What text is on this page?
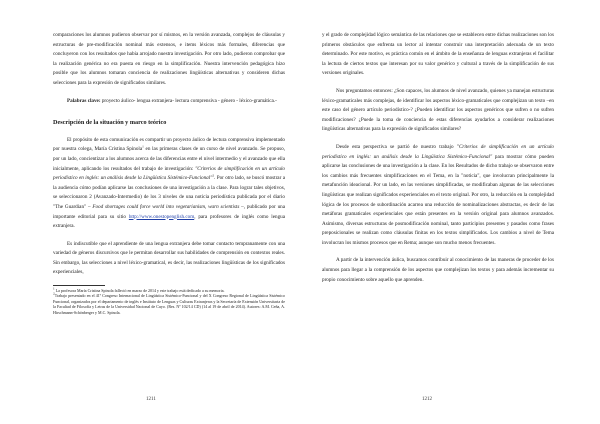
comparaciones los alumnos pudieron observar por sí mismos, en la versión avanzada, complejos de cláusulas y estructuras de pre-modificación nominal más extensos, e items léxicos más formales, diferencias que concluyeron con los resultados que había arrojado nuestra investigación. Por otro lado, pudieron comprobar que la realización genérica no era puesta en riesgo en la simplificación. Nuestra intervención pedagógica hizo posible que los alumnos tomaran conciencia de realizaciones lingüísticas alternativas y consideren dichas selecciones para la expresión de significados similares.

Palabras clave: proyecto áulico- lengua extranjera- lectura comprensiva - género - léxico-gramática.-

Descripción de la situación y marco teórico

El propósito de esta comunicación es compartir un proyecto áulico de lectura comprensiva implementado por nuestra colega, María Cristina Spinola$^1$ en las primeras clases de un curso de nivel avanzado. Se propuso, por un lado, concientizar a los alumnos acerca de las diferencias entre el nivel intermedio y el avanzado que ella inicialmente, aplicando los resultados del trabajo de investigación: "Criterios de simplificación en un artículo periodístico en inglés: un análisis desde la Lingüística Sistémico-Funcional"$^2$. Por otro lado, se buscó mostrar a la audiencia cómo podían aplicarse las conclusiones de una investigación a la clase. Para lograr tales objetivos, se seleccionaron 2 (Avanzado-Intermedio) de los 3 niveles de una noticia periodística publicada por el diario "The Guardian" – Food shortages could force world into vegetarianism, warn scientists –, publicado por una importante editorial para su sitio http://www.onestopenglish.com, para profesores de inglés como lengua extranjera.

Es indiscutible que el aprendiente de una lengua extranjera debe tomar contacto tempranamente con una variedad de géneros discursivos que le permitan desarrollar sus habilidades de comprensión en contextos reales. Sin embargo, las selecciones a nivel léxico-gramatical, es decir, las realizaciones lingüísticas de los significados experienciales,

$^1$ La profesora María Cristina Spinola falleció en marzo de 2014 y este trabajo está dedicado a su memoria.

$^2$Trabajo presentado en el 41º Congreso Internacional de Lingüística Sistémico-Funcional y del X Congreso Regional de Lingüística Sistémico Funcional, organizados por el departamento de inglés e Instituto de Lenguas y Culturas Extranjeras y la Secretaría de Extensión Universitaria de la Facultad de Filosofía y Letras de la Universidad Nacional de Cuyo. (Res. Nº 102/14 CD) (14 al 19 de abril de 2014). Autores: A.M. Ceña, A. Hirschmann-Schönberger y M.C. Spinola.

1211

y el grado de complejidad lógico semántica de las relaciones que se establecen entre dichas realizaciones son los primeros obstáculos que enfrenta un lector al intentar construir una interpretación adecuada de un texto determinado. Por este motivo, es práctica común en el ámbito de la enseñanza de lenguas extranjeras el facilitar la lectura de ciertos textos que interesan por su valor genérico y cultural a través de la simplificación de sus versiones originales.

Nos preguntamos entonces: ¿Son capaces, los alumnos de nivel avanzado, quienes ya manejan estructuras léxico-gramaticales más complejas, de identificar los aspectos léxico-gramaticales que complejizan un texto –en este caso del género artículo periodístico-? ¿Pueden identificar los aspectos genéricos que sufren o no sufren modificaciones? ¿Puede la toma de conciencia de estas diferencias ayudarlos a considerar realizaciones lingüísticas alternativas para la expresión de significados similares?

Desde esta perspectiva se partió de nuestro trabajo "Criterios de simplificación en un artículo periodístico en inglés: un análisis desde la Lingüística Sistémico-Funcional" para mostrar cómo pueden aplicarse las conclusiones de una investigación a la clase. En los Resultados de dicho trabajo se observaron entre los cambios más frecuentes simplificaciones en el Tema, en la "noticia", que involucran principalmente la metafunción ideacional. Por un lado, en las versiones simplificadas, se modificaban algunas de las selecciones lingüísticas que realizan significados experienciales en el texto original. Por otro, la reducción en la complejidad lógica de los procesos de subordinación acarrea una reducción de nominalizaciones abstractas, es decir de las metáforas gramaticales experienciales que están presentes en la versión original para alumnos avanzados. Asimismo, diversas estructuras de posmodificación nominal, tanto participios presentes y pasados como frases preposicionales se realizan como cláusulas finitas en los textos simplificados. Los cambios a nivel de Tema involucran los mismos procesos que en Rema; aunque son mucho menos frecuentes.

A partir de la intervención áulica, buscamos contribuir al conocimiento de las maneras de proceder de los alumnos para llegar a la comprensión de los aspectos que complejizan los textos y para además incrementar su propio conocimiento sobre aquello que aprenden.

1212
